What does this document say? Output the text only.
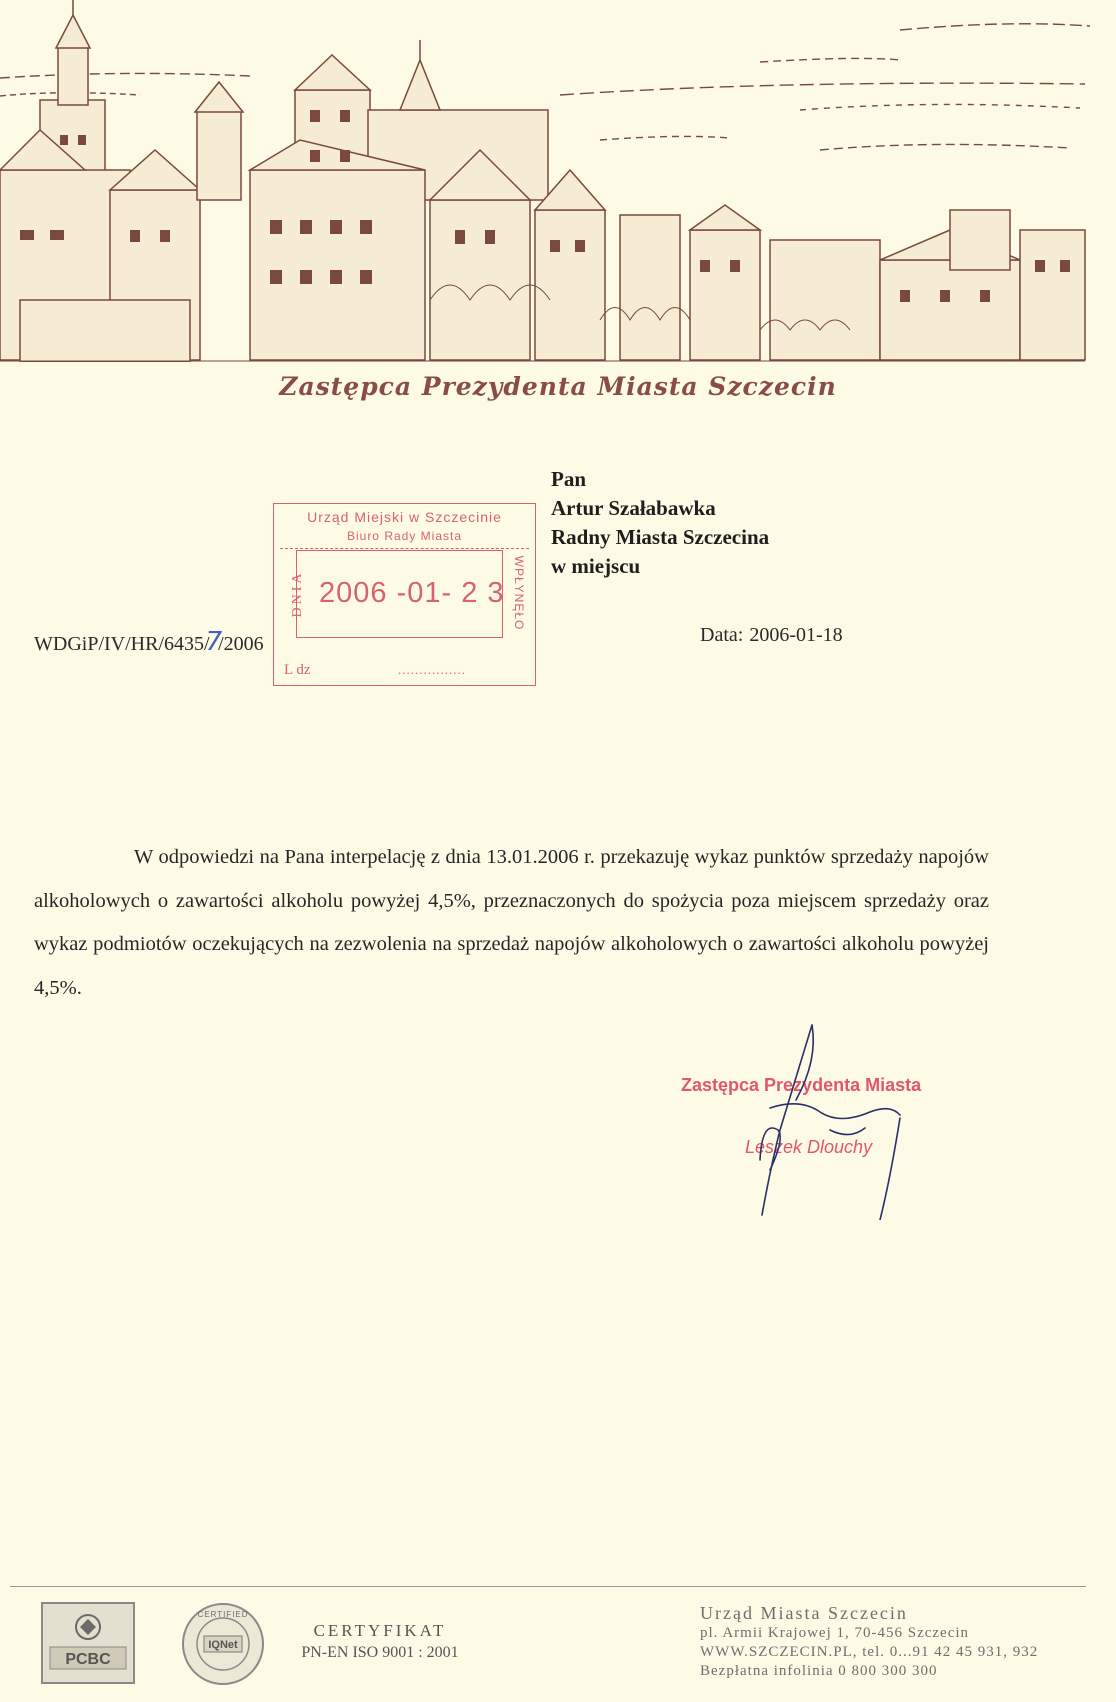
Zastępca Prezydenta Miasta Szczecin
Pan
Artur Szałabawka
Radny Miasta Szczecina
w miejscu
Urząd Miejski w Szczecinie
Biuro Rady Miasta
DNIA 2006 -01- 2 3 WPŁYNĘŁO
L dz	................
WDGiP/IV/HR/6435/7/2006	Data: 2006-01-18
W odpowiedzi na Pana interpelację z dnia 13.01.2006 r. przekazuję wykaz punktów sprzedaży napojów alkoholowych o zawartości alkoholu powyżej 4,5%, przeznaczonych do spożycia poza miejscem sprzedaży oraz wykaz podmiotów oczekujących na zezwolenia na sprzedaż napojów alkoholowych o zawartości alkoholu powyżej 4,5%.
Zastępca Prezydenta Miasta
Leszek Dlouchy
PCBC
CERTIFIED
IQNet
CERTYFIKAT
PN-EN ISO 9001 : 2001
Urząd Miasta Szczecin
pl. Armii Krajowej 1, 70-456 Szczecin
WWW.SZCZECIN.PL, tel. 0...91 42 45 931, 932
Bezpłatna infolinia 0 800 300 300
